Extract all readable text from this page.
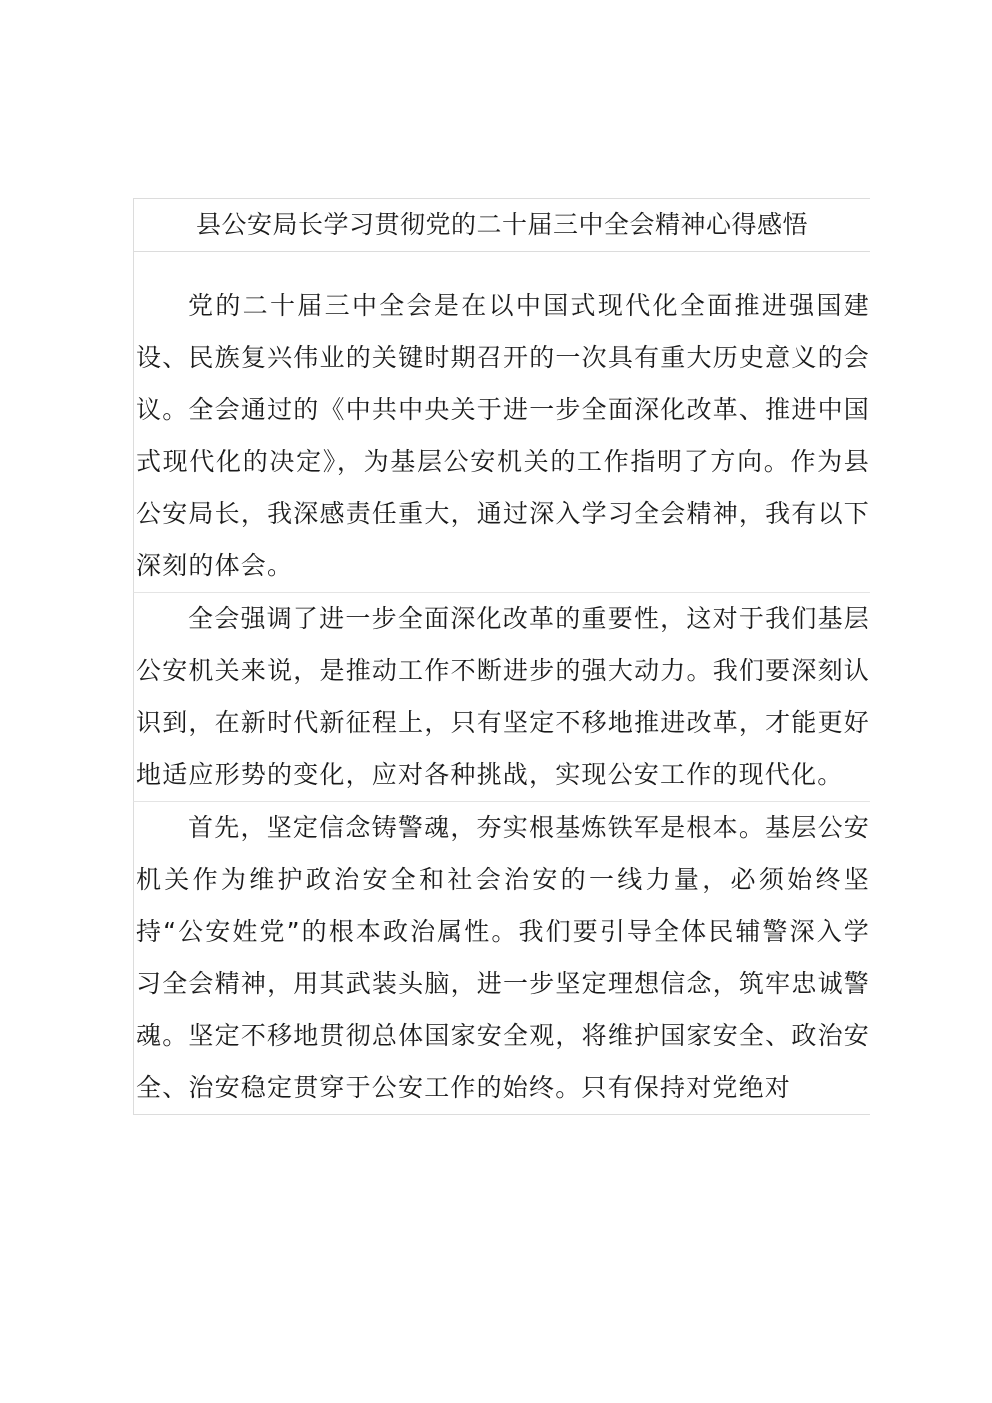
县公安局长学习贯彻党的二十届三中全会精神心得感悟

党的二十届三中全会是在以中国式现代化全面推进强国建设、民族复兴伟业的关键时期召开的一次具有重大历史意义的会议。全会通过的《中共中央关于进一步全面深化改革、推进中国式现代化的决定》，为基层公安机关的工作指明了方向。作为县公安局长，我深感责任重大，通过深入学习全会精神，我有以下深刻的体会。

全会强调了进一步全面深化改革的重要性，这对于我们基层公安机关来说，是推动工作不断进步的强大动力。我们要深刻认识到，在新时代新征程上，只有坚定不移地推进改革，才能更好地适应形势的变化，应对各种挑战，实现公安工作的现代化。

首先，坚定信念铸警魂，夯实根基炼铁军是根本。基层公安机关作为维护政治安全和社会治安的一线力量，必须始终坚持“公安姓党”的根本政治属性。我们要引导全体民辅警深入学习全会精神，用其武装头脑，进一步坚定理想信念，筑牢忠诚警魂。坚定不移地贯彻总体国家安全观，将维护国家安全、政治安全、治安稳定贯穿于公安工作的始终。只有保持对党绝对
